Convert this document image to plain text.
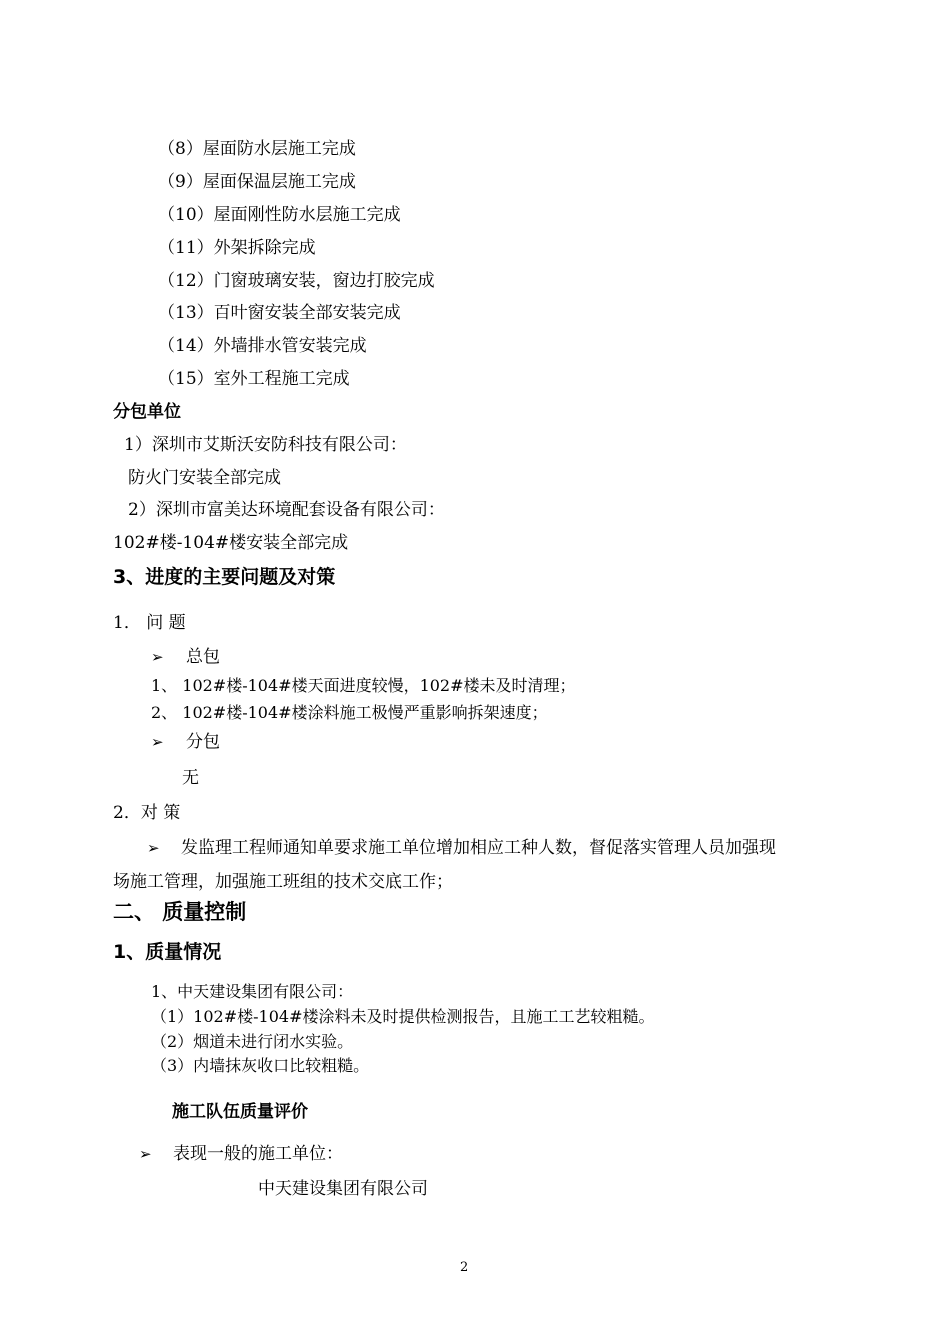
（8）屋面防水层施工完成
（9）屋面保温层施工完成
（10）屋面刚性防水层施工完成
（11）外架拆除完成
（12）门窗玻璃安装，窗边打胶完成
（13）百叶窗安装全部安装完成
（14）外墙排水管安装完成
（15）室外工程施工完成
分包单位
1）深圳市艾斯沃安防科技有限公司：
防火门安装全部完成
2）深圳市富美达环境配套设备有限公司：
102#楼-104#楼安装全部完成
3、进度的主要问题及对策
1． 问 题
➢ 总包
1、 102#楼-104#楼天面进度较慢，102#楼未及时清理；
2、 102#楼-104#楼涂料施工极慢严重影响拆架速度；
➢ 分包
无
2．对 策
➢ 发监理工程师通知单要求施工单位增加相应工种人数，督促落实管理人员加强现
场施工管理，加强施工班组的技术交底工作；
二、 质量控制
1、质量情况
1、中天建设集团有限公司：
（1）102#楼-104#楼涂料未及时提供检测报告，且施工工艺较粗糙。
（2）烟道未进行闭水实验。
（3）内墙抹灰收口比较粗糙。
施工队伍质量评价
➢ 表现一般的施工单位：
中天建设集团有限公司
2
